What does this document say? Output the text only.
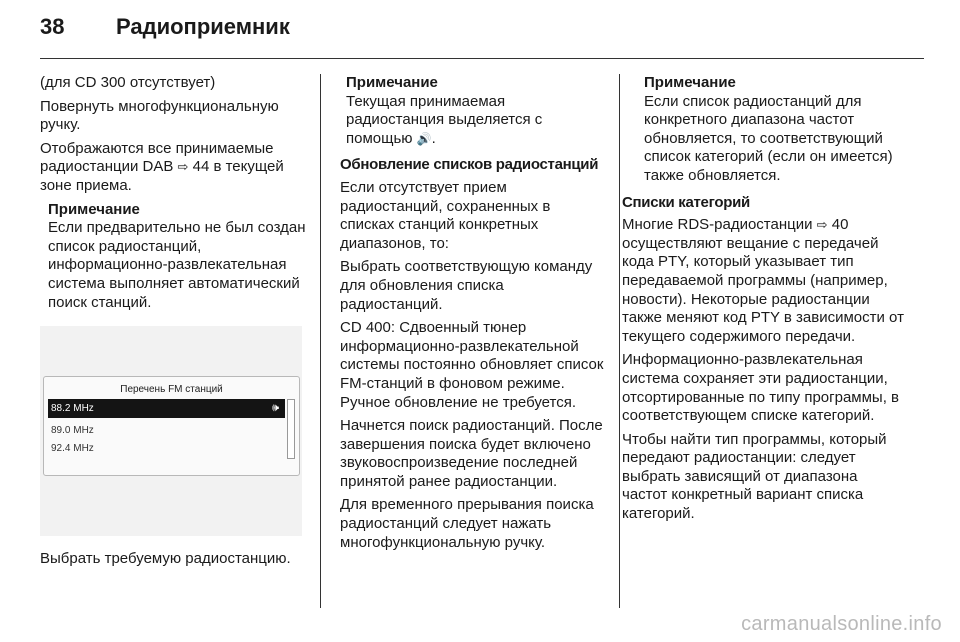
38	Радиоприемник

(для CD 300 отсутствует)

Повернуть многофункциональную ручку.

Отображаются все принимаемые радиостанции DAB ⇨ 44 в текущей зоне приема.

Примечание
Если предварительно не был создан список радиостанций, информационно-развлекательная система выполняет автоматический поиск станций.
Перечень FM станций
88.2 MHz	🕪
89.0 MHz
92.4 MHz

Выбрать требуемую радиостанцию.

Примечание
Текущая принимаемая радиостанция выделяется с помощью 🔊.
Обновление списков радиостанций

Если отсутствует прием радиостанций, сохраненных в списках станций конкретных диапазонов, то:

Выбрать соответствующую команду для обновления списка радиостанций.

CD 400: Сдвоенный тюнер информационно-развлекательной системы постоянно обновляет список FM-станций в фоновом режиме. Ручное обновление не требуется.

Начнется поиск радиостанций. После завершения поиска будет включено звуковоспроизведение последней принятой ранее радиостанции.

Для временного прерывания поиска радиостанций следует нажать многофункциональную ручку.

Примечание
Если список радиостанций для конкретного диапазона частот обновляется, то соответствующий список категорий (если он имеется) также обновляется.
Списки категорий

Многие RDS-радиостанции ⇨ 40 осуществляют вещание с передачей кода PTY, который указывает тип передаваемой программы (например, новости). Некоторые радиостанции также меняют код PTY в зависимости от текущего содержимого передачи.

Информационно-развлекательная система сохраняет эти радиостанции, отсортированные по типу программы, в соответствующем списке категорий.

Чтобы найти тип программы, который передают радиостанции: следует выбрать зависящий от диапазона частот конкретный вариант списка категорий.

carmanualsonline.info
